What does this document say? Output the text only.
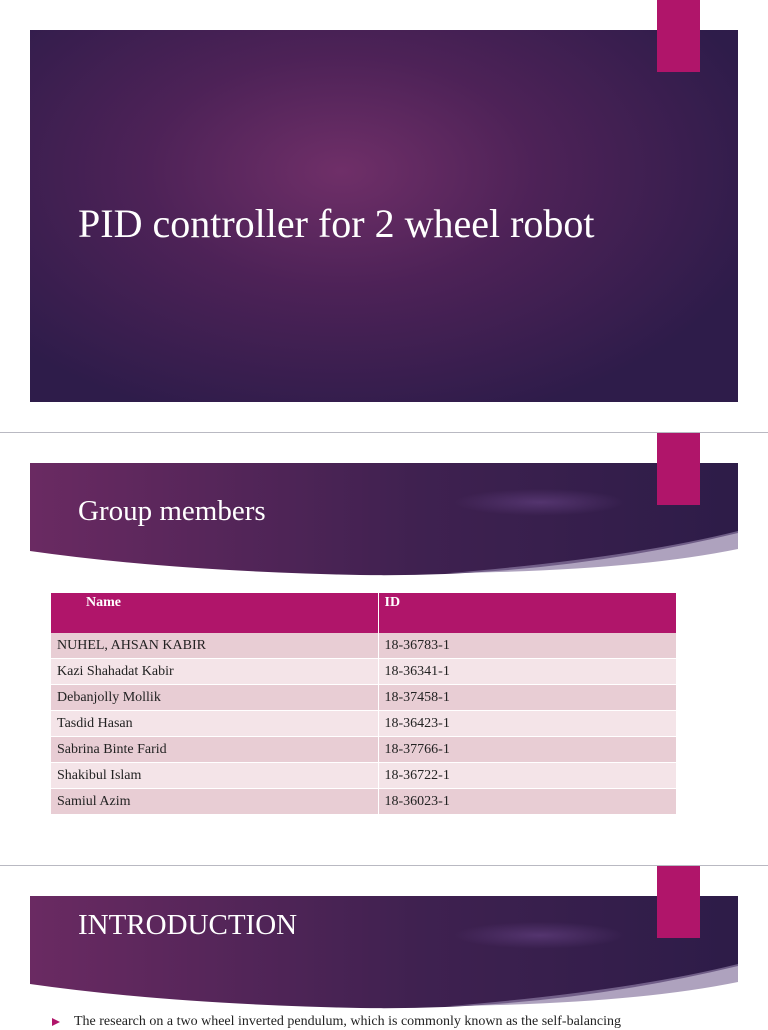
PID controller for 2 wheel robot
Group members
Name	ID
NUHEL, AHSAN KABIR	18-36783-1
Kazi Shahadat Kabir	18-36341-1
Debanjolly Mollik	18-37458-1
Tasdid Hasan	18-36423-1
Sabrina Binte Farid	18-37766-1
Shakibul Islam	18-36722-1
Samiul Azim	18-36023-1
INTRODUCTION
The research on a two wheel inverted pendulum, which is commonly known as the self-balancing
